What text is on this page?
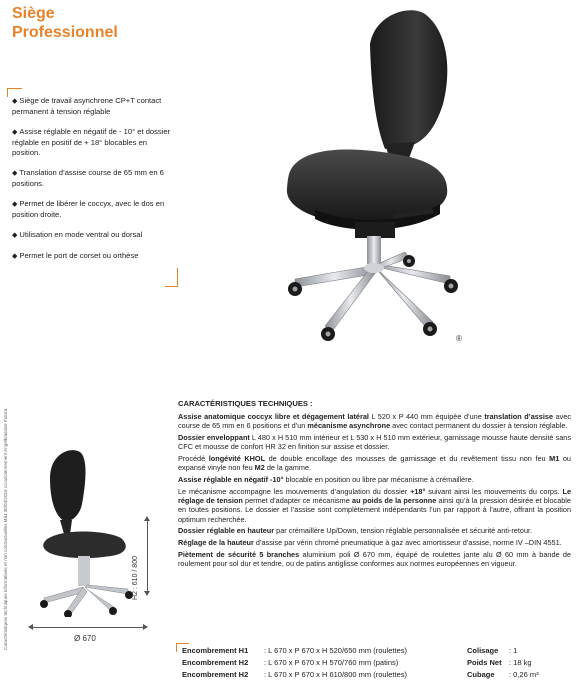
Siège
Professionnel
◆ Siège de travail asynchrone CP+T contact permanent à tension réglable
◆ Assise réglable en négatif de - 10° et dossier réglable en positif de + 18° blocables en position.
◆ Translation d’assise course de 65 mm en 6 positions.
◆ Permet de libérer le coccyx, avec le dos en position droite.
◆ Utilisation en mode ventral ou dorsal
◆ Permet le port de corset ou orthèse
®
Caractéristiques techniques informatives et non contractuelles MàJ 30/04/2015 co-anciennement Angelk/assise Futura	H2 : 610 / 800
Ø 670
CARACTÉRISTIQUES TECHNIQUES :

Assise anatomique coccyx libre et dégagement latéral L 520 x P 440 mm équipée d’une translation d’assise avec course de 65 mm en 6 positions et d’un mécanisme asynchrone avec contact permanent du dossier à tension réglable.

Dossier enveloppant L 480 x H 510 mm intérieur et L 530 x H 510 mm extérieur, garnissage mousse haute densité sans CFC et mousse de confort HR 32 en finition sur assise et dossier.

Procédé longévité KHOL de double encollage des mousses de garnissage et du revêtement tissu non feu M1 ou expansé vinyle non feu M2 de la gamme.

Assise réglable en négatif -10° blocable en position ou libre par mécanisme à crémaillère.

Le mécanisme accompagne les mouvements d’angulation du dossier +18° suivant ainsi les mouvements du corps. Le réglage de tension permet d’adapter ce mécanisme au poids de la personne ainsi qu’à la pression désirée et blocable en toutes positions. Le dossier et l’assise sont complètement indépendants l’un par rapport à l’autre, offrant la position optimum recherchée.

Dossier réglable en hauteur par crémaillère Up/Down, tension réglable personnalisée et sécurité anti-retour.

Réglage de la hauteur d’assise par vérin chromé pneumatique à gaz avec amortisseur d’assise, norme IV –DIN 4551.

Piètement de sécurité 5 branches aluminium poli Ø 670 mm, équipé de roulettes jante alu Ø 60 mm à bande de roulement pour sol dur et tendre, ou de patins antiglisse conformes aux normes européennes en vigueur.

Encombrement H1 : L 670 x P 670 x H 520/650 mm (roulettes)
Encombrement H2 : L 670 x P 670 x H 570/760 mm (patins)
Encombrement H2 : L 670 x P 670 x H 610/800 mm (roulettes)
Colisage : 1
Poids Net : 18 kg
Cubage : 0,26 m³
